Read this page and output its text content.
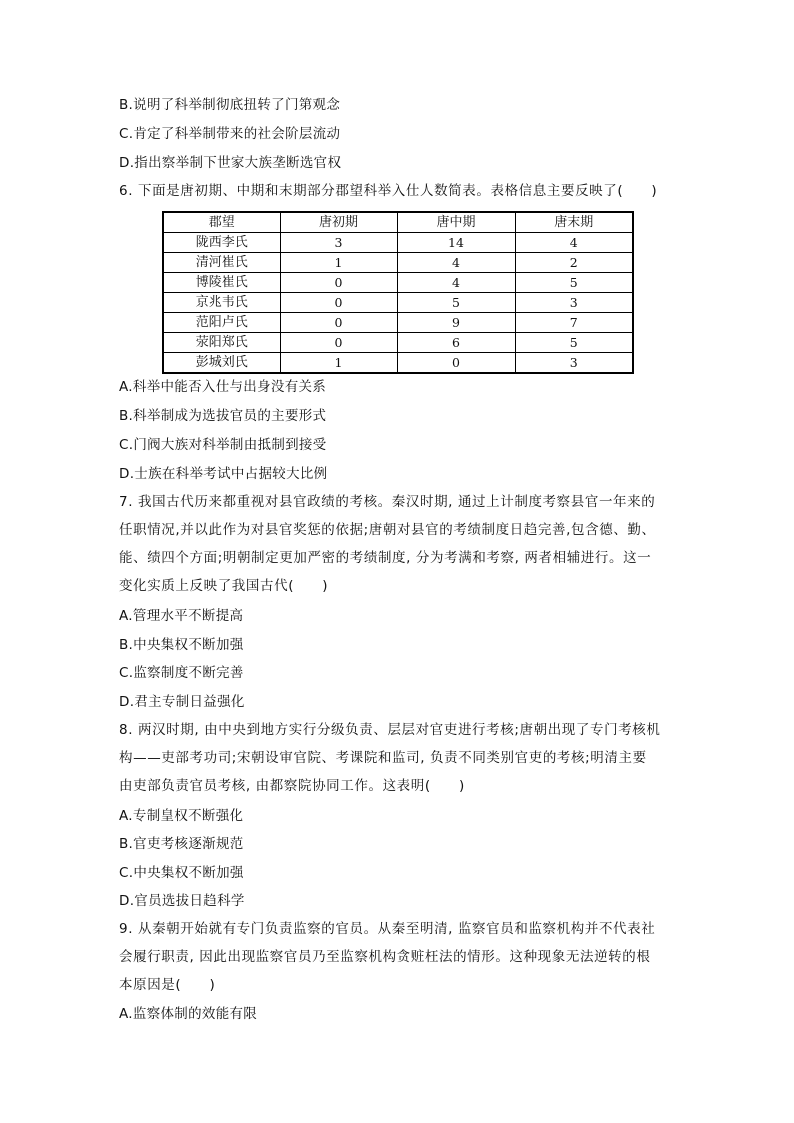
B.说明了科举制彻底扭转了门第观念
C.肯定了科举制带来的社会阶层流动
D.指出察举制下世家大族垄断选官权
6. 下面是唐初期、中期和末期部分郡望科举入仕人数简表。表格信息主要反映了(　　)
郡望	唐初期	唐中期	唐末期
陇西李氏	3	14	4
清河崔氏	1	4	2
博陵崔氏	0	4	5
京兆韦氏	0	5	3
范阳卢氏	0	9	7
荥阳郑氏	0	6	5
彭城刘氏	1	0	3
A.科举中能否入仕与出身没有关系
B.科举制成为选拔官员的主要形式
C.门阀大族对科举制由抵制到接受
D.士族在科举考试中占据较大比例
7. 我国古代历来都重视对县官政绩的考核。秦汉时期, 通过上计制度考察县官一年来的
任职情况,并以此作为对县官奖惩的依据;唐朝对县官的考绩制度日趋完善,包含德、勤、
能、绩四个方面;明朝制定更加严密的考绩制度, 分为考满和考察, 两者相辅进行。这一
变化实质上反映了我国古代(　　)
A.管理水平不断提高
B.中央集权不断加强
C.监察制度不断完善
D.君主专制日益强化
8. 两汉时期, 由中央到地方实行分级负责、层层对官吏进行考核;唐朝出现了专门考核机
构——吏部考功司;宋朝设审官院、考课院和监司, 负责不同类别官吏的考核;明清主要
由吏部负责官员考核, 由都察院协同工作。这表明(　　)
A.专制皇权不断强化
B.官吏考核逐渐规范
C.中央集权不断加强
D.官员选拔日趋科学
9. 从秦朝开始就有专门负责监察的官员。从秦至明清, 监察官员和监察机构并不代表社
会履行职责, 因此出现监察官员乃至监察机构贪赃枉法的情形。这种现象无法逆转的根
本原因是(　　)
A.监察体制的效能有限
